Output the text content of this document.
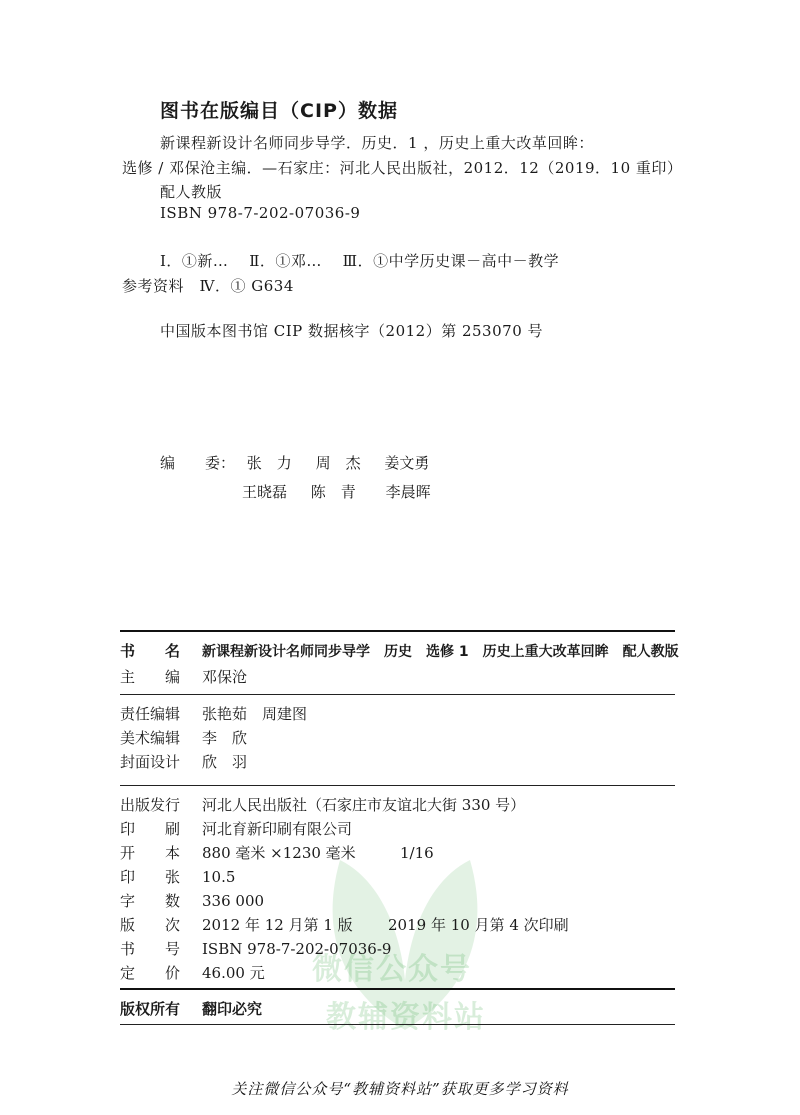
图书在版编目（CIP）数据
新课程新设计名师同步导学．历史．1 ，历史上重大改革回眸：
选修 / 邓保沧主编．—石家庄：河北人民出版社，2012．12（2019．10 重印）
配人教版
ISBN 978-7-202-07036-9
Ⅰ．①新…　 Ⅱ．①邓…　 Ⅲ．①中学历史课－高中－教学
参考资料　Ⅳ．① G634
中国版本图书馆 CIP 数据核字（2012）第 253070 号
编　　委： 张　力 周　杰 姜文勇
王晓磊 陈　青 李晨晖
微信公众号
教辅资料站
书　　名 新课程新设计名师同步导学　历史　选修 1　历史上重大改革回眸　配人教版
主　　编 邓保沧
责任编辑 张艳茹　周建图
美术编辑 李　欣
封面设计 欣　羽
出版发行 河北人民出版社（石家庄市友谊北大街 330 号）
印　　刷 河北育新印刷有限公司
开　　本 880 毫米 ×1230 毫米	1/16
印　　张 10.5
字　　数 336 000
版　　次 2012 年 12 月第 1 版 2019 年 10 月第 4 次印刷
书　　号 ISBN 978-7-202-07036-9
定　　价 46.00 元
版权所有 翻印必究
关注微信公众号“教辅资料站”获取更多学习资料
